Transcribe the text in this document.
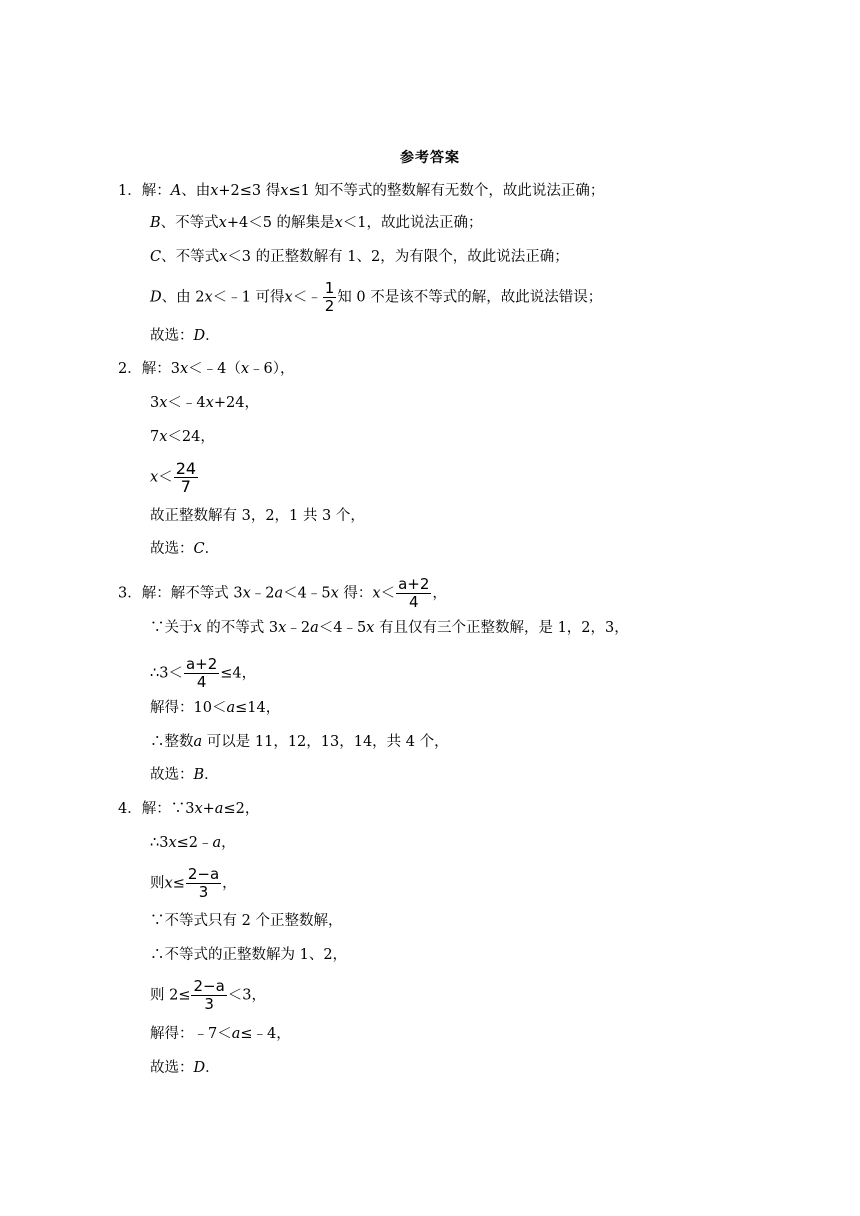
参考答案
1．解：A、由x+2≤3 得x≤1 知不等式的整数解有无数个，故此说法正确；
B、不等式x+4＜5 的解集是x＜1，故此说法正确；
C、不等式x＜3 的正整数解有 1、2，为有限个，故此说法正确；
D、由 2x＜﹣1 可得x＜﹣ $\frac{1}{2}$ 知 0 不是该不等式的解，故此说法错误；
故选：D．
2．解：3x＜﹣4（x﹣6），
3x＜﹣4x+24，
7x＜24，
$x< \frac{24}{7}$
故正整数解有 3，2，1 共 3 个，
故选：C．
3．解：解不等式 3x﹣2a＜4﹣5x 得：$x< \frac{a+2}{4}$ ，
∵关于x 的不等式 3x﹣2a＜4﹣5x 有且仅有三个正整数解，是 1，2，3，
∴3＜ $\frac{a+2}{4} \le 4$，
解得：10＜a≤14，
∴整数a 可以是 11，12，13，14，共 4 个，
故选：B．
4．解：∵3x+a≤2，
∴3x≤2﹣a，
则$x\le \frac{2-a}{3}$ ，
∵不等式只有 2 个正整数解，
∴不等式的正整数解为 1、2，
则 $2\le \frac{2-a}{3} <3$，
解得：﹣7＜a≤﹣4，
故选：D．
